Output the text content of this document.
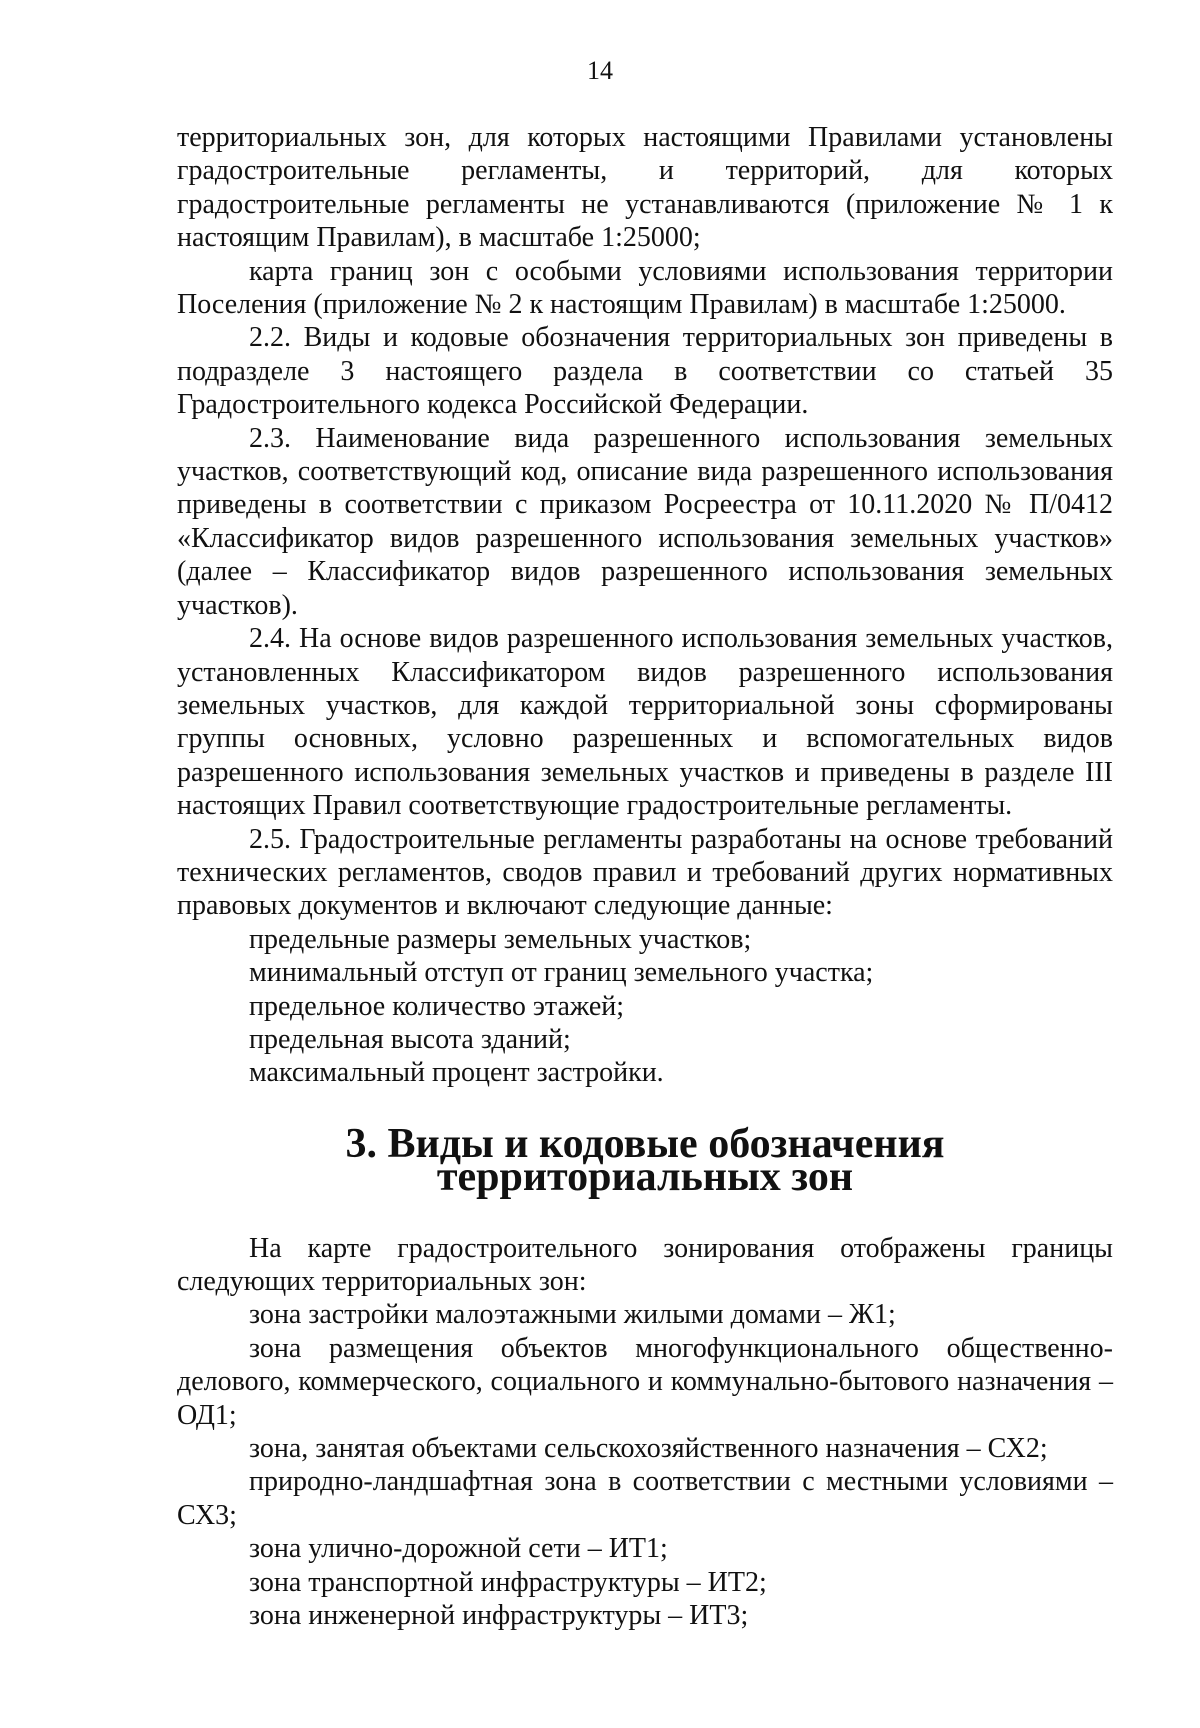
14

территориальных зон, для которых настоящими Правилами установлены градостроительные регламенты, и территорий, для которых градостроительные регламенты не устанавливаются (приложение № 1 к настоящим Правилам), в масштабе 1:25000;

карта границ зон с особыми условиями использования территории Поселения (приложение № 2 к настоящим Правилам) в масштабе 1:25000.

2.2. Виды и кодовые обозначения территориальных зон приведены в подразделе 3 настоящего раздела в соответствии со статьей 35 Градостроительного кодекса Российской Федерации.

2.3. Наименование вида разрешенного использования земельных участков, соответствующий код, описание вида разрешенного использования приведены в соответствии с приказом Росреестра от 10.11.2020 № П/0412 «Классификатор видов разрешенного использования земельных участков» (далее – Классификатор видов разрешенного использования земельных участков).

2.4. На основе видов разрешенного использования земельных участков, установленных Классификатором видов разрешенного использования земельных участков, для каждой территориальной зоны сформированы группы основных, условно разрешенных и вспомогательных видов разрешенного использования земельных участков и приведены в разделе III настоящих Правил соответствующие градостроительные регламенты.

2.5. Градостроительные регламенты разработаны на основе требований технических регламентов, сводов правил и требований других нормативных правовых документов и включают следующие данные:

предельные размеры земельных участков;

минимальный отступ от границ земельного участка;

предельное количество этажей;

предельная высота зданий;

максимальный процент застройки.

3. Виды и кодовые обозначения территориальных зон

На карте градостроительного зонирования отображены границы следующих территориальных зон:

зона застройки малоэтажными жилыми домами – Ж1;

зона размещения объектов многофункционального общественно-делового, коммерческого, социального и коммунально-бытового назначения – ОД1;

зона, занятая объектами сельскохозяйственного назначения – СХ2;

природно-ландшафтная зона в соответствии с местными условиями – СХ3;

зона улично-дорожной сети – ИТ1;

зона транспортной инфраструктуры – ИТ2;

зона инженерной инфраструктуры – ИТ3;
